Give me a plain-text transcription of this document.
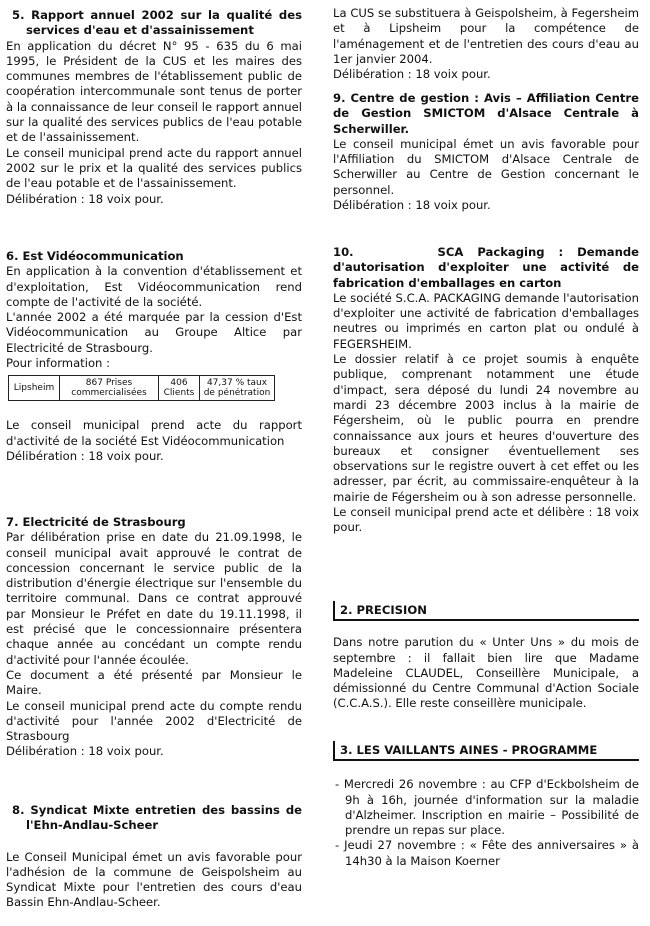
5. Rapport annuel 2002 sur la qualité des services d'eau et d'assainissement

En application du décret N° 95 - 635 du 6 mai 1995, le Président de la CUS et les maires des communes membres de l'établissement public de coopération intercommunale sont tenus de porter à la connaissance de leur conseil le rapport annuel sur la qualité des services publics de l'eau potable et de l'assainissement.

Le conseil municipal prend acte du rapport annuel 2002 sur le prix et la qualité des services publics de l'eau potable et de l'assainissement.

Délibération : 18 voix pour.

6. Est Vidéocommunication

En application à la convention d'établissement et d'exploitation, Est Vidéocommunication rend compte de l'activité de la société.

L'année 2002 a été marquée par la cession d'Est Vidéocommunication au Groupe Altice par Electricité de Strasbourg.

Pour information :

Lipsheim	867 Prises commercialisées	406 Clients	47,37 % taux de pénétration

Le conseil municipal prend acte du rapport d'activité de la société Est Vidéocommunication

Délibération : 18 voix pour.

7. Electricité de Strasbourg

Par délibération prise en date du 21.09.1998, le conseil municipal avait approuvé le contrat de concession concernant le service public de la distribution d'énergie électrique sur l'ensemble du territoire communal. Dans ce contrat approuvé par Monsieur le Préfet en date du 19.11.1998, il est précisé que le concessionnaire présentera chaque année au concédant un compte rendu d'activité pour l'année écoulée.

Ce document a été présenté par Monsieur le Maire.

Le conseil municipal prend acte du compte rendu d'activité pour l'année 2002 d'Electricité de Strasbourg

Délibération : 18 voix pour.

8. Syndicat Mixte entretien des bassins de l'Ehn-Andlau-Scheer

Le Conseil Municipal émet un avis favorable pour l'adhésion de la commune de Geispolsheim au Syndicat Mixte pour l'entretien des cours d'eau Bassin Ehn-Andlau-Scheer.

La CUS se substituera à Geispolsheim, à Fegersheim et à Lipsheim pour la compétence de l'aménagement et de l'entretien des cours d'eau au 1er janvier 2004.

Délibération : 18 voix pour.

9. Centre de gestion : Avis – Affiliation Centre de Gestion SMICTOM d'Alsace Centrale à Scherwiller.

Le conseil municipal émet un avis favorable pour l'Affiliation du SMICTOM d'Alsace Centrale de Scherwiller au Centre de Gestion concernant le personnel.

Délibération : 18 voix pour.

10.      SCA Packaging : Demande d'autorisation d'exploiter une activité de fabrication d'emballages en carton

Le société S.C.A. PACKAGING demande l'autorisation d'exploiter une activité de fabrication d'emballages neutres ou imprimés en carton plat ou ondulé à FEGERSHEIM.

Le dossier relatif à ce projet soumis à enquête publique, comprenant notamment une étude d'impact, sera déposé du lundi 24 novembre au mardi 23 décembre 2003 inclus à la mairie de Fégersheim, où le public pourra en prendre connaissance aux jours et heures d'ouverture des bureaux et consigner éventuellement ses observations sur le registre ouvert à cet effet ou les adresser, par écrit, au commissaire-enquêteur à la mairie de Fégersheim ou à son adresse personnelle.

Le conseil municipal prend acte et délibère : 18 voix pour.

2. PRECISION

Dans notre parution du « Unter Uns » du mois de septembre : il fallait bien lire que Madame Madeleine CLAUDEL, Conseillère Municipale, a démissionné du Centre Communal d'Action Sociale (C.C.A.S.). Elle reste conseillère municipale.

3. LES VAILLANTS AINES - PROGRAMME

- Mercredi 26 novembre : au CFP d'Eckbolsheim de 9h à 16h, journée d'information sur la maladie d'Alzheimer. Inscription en mairie – Possibilité de prendre un repas sur place.
- Jeudi 27 novembre : « Fête des anniversaires » à 14h30 à la Maison Koerner
